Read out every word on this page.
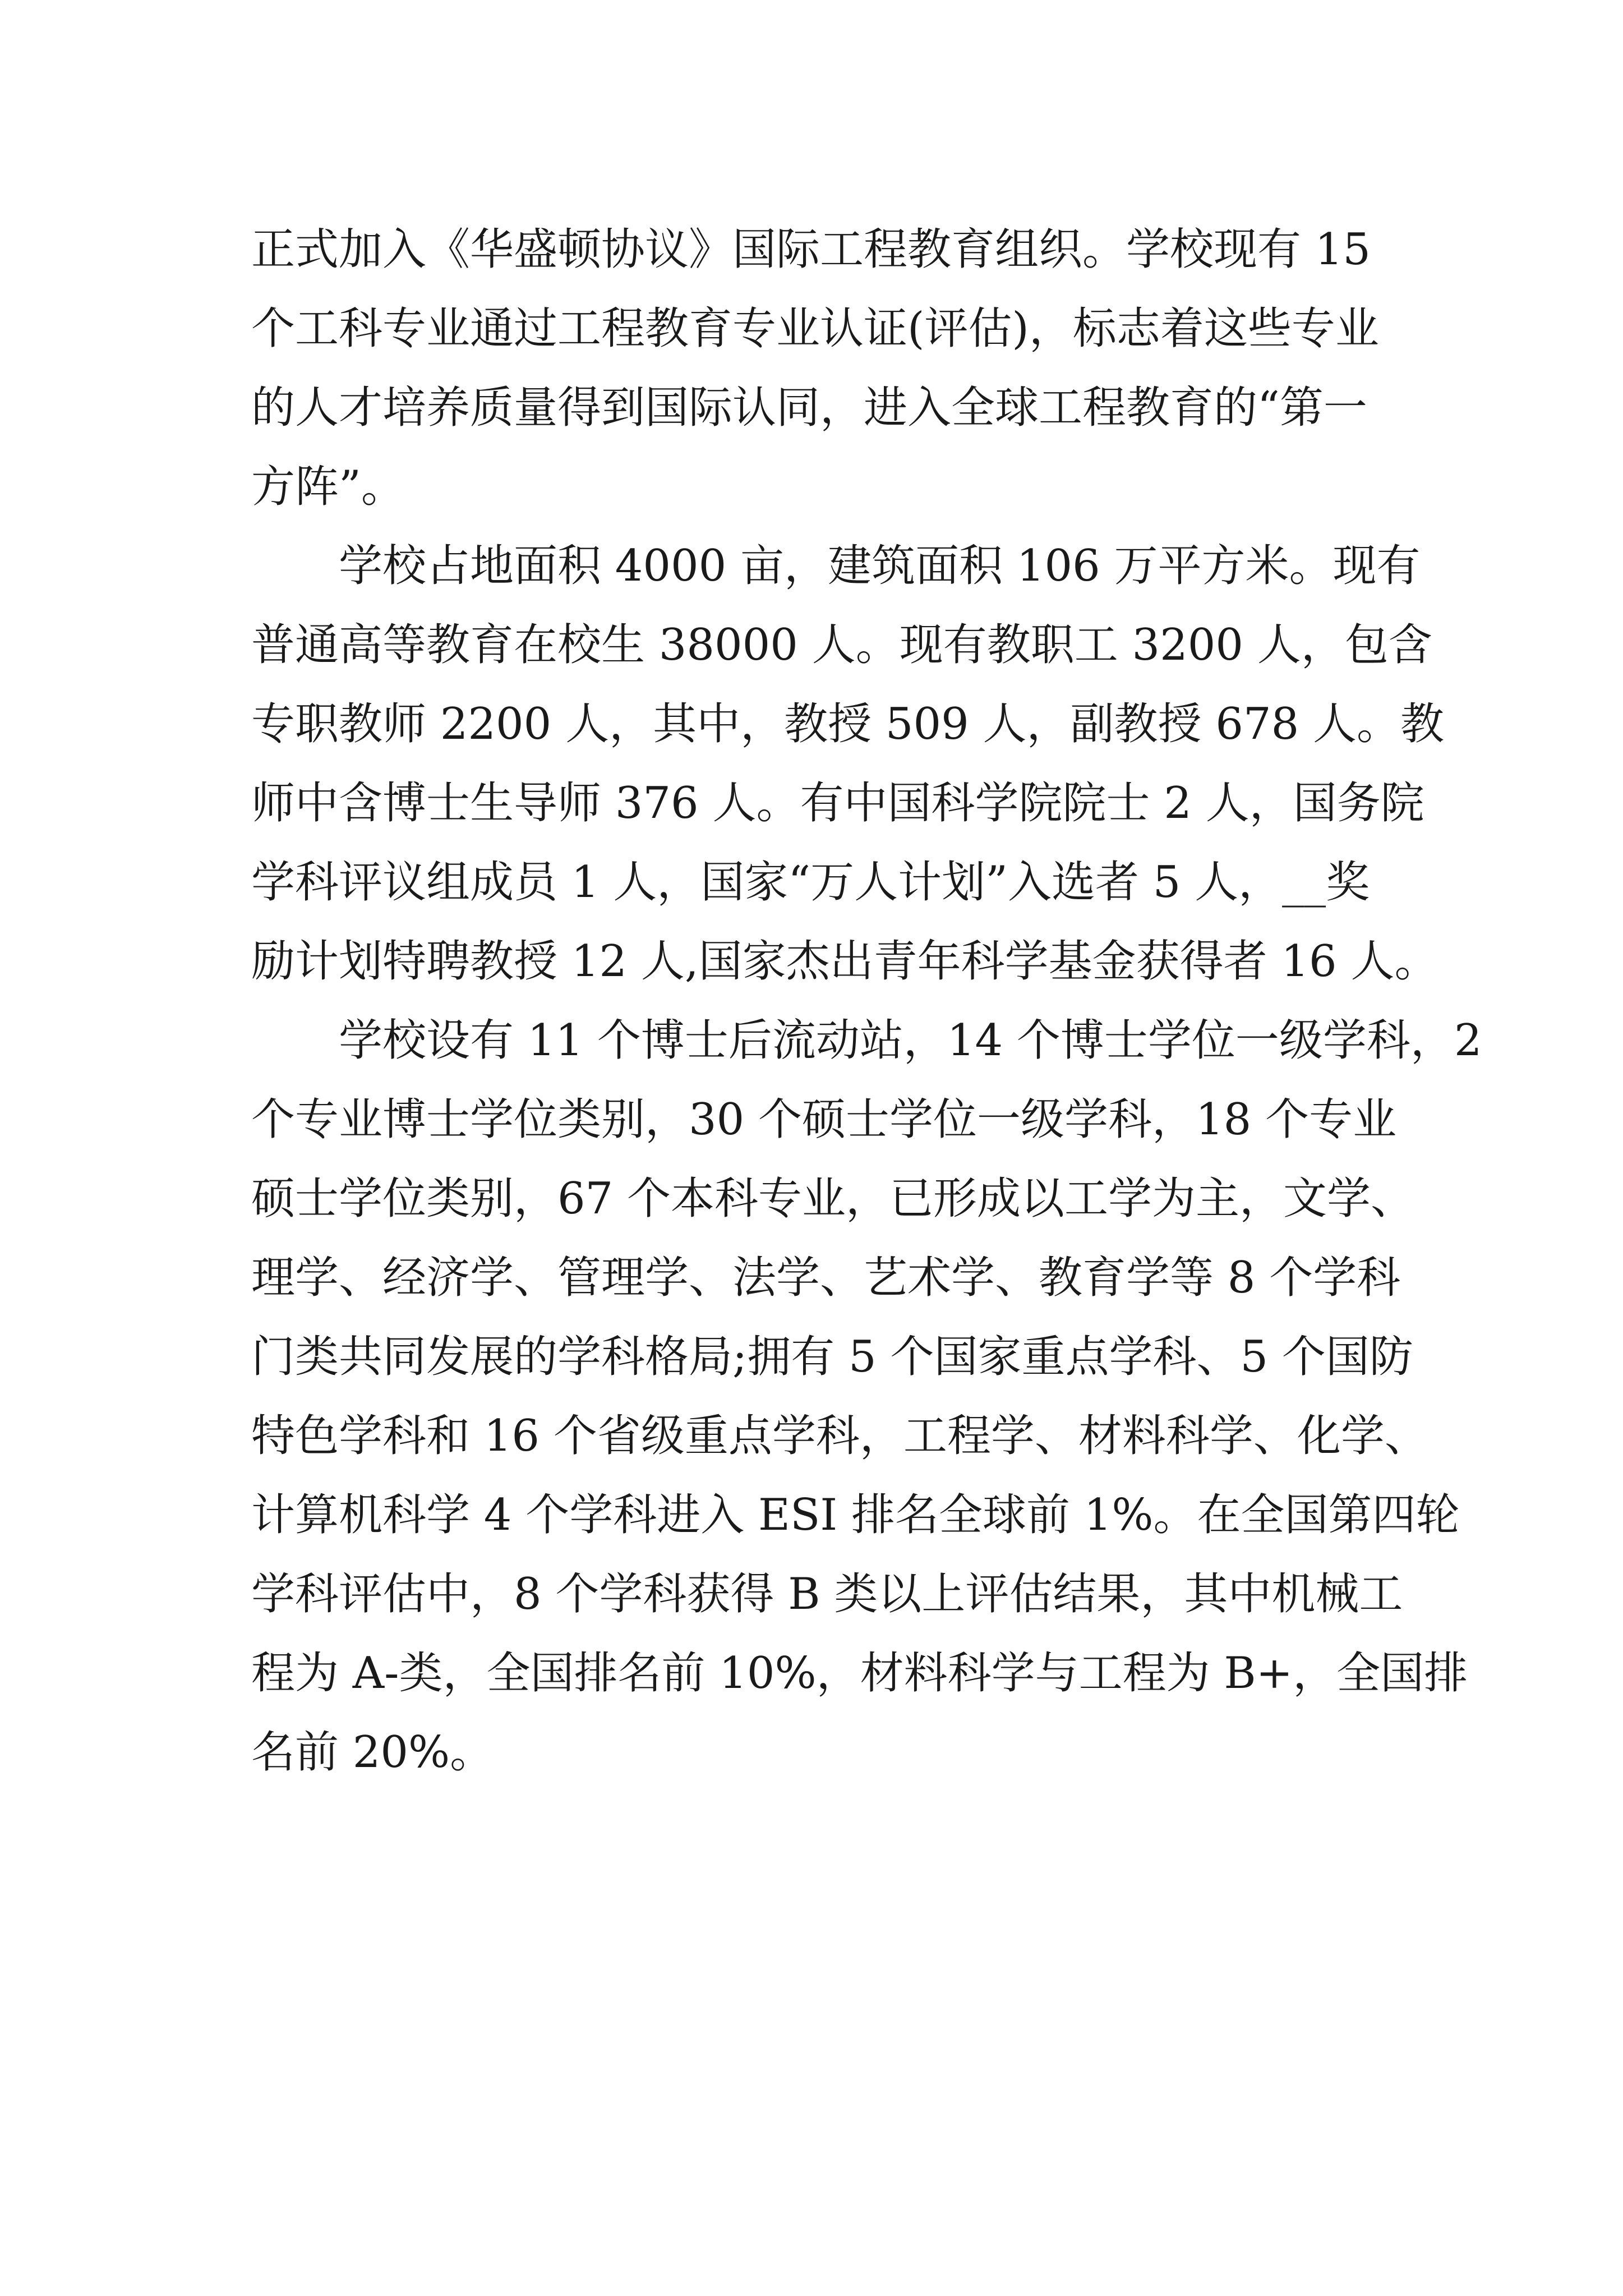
正式加入《华盛顿协议》国际工程教育组织。学校现有 15
个工科专业通过工程教育专业认证(评估)，标志着这些专业
的人才培养质量得到国际认同，进入全球工程教育的“第一
方阵”。
　　学校占地面积 4000 亩，建筑面积 106 万平方米。现有
普通高等教育在校生 38000 人。现有教职工 3200 人，包含
专职教师 2200 人，其中，教授 509 人，副教授 678 人。教
师中含博士生导师 376 人。有中国科学院院士 2 人，国务院
学科评议组成员 1 人，国家“万人计划”入选者 5 人，__奖
励计划特聘教授 12 人,国家杰出青年科学基金获得者 16 人。
　　学校设有 11 个博士后流动站，14 个博士学位一级学科，2
个专业博士学位类别，30 个硕士学位一级学科，18 个专业
硕士学位类别，67 个本科专业，已形成以工学为主，文学、
理学、经济学、管理学、法学、艺术学、教育学等 8 个学科
门类共同发展的学科格局;拥有 5 个国家重点学科、5 个国防
特色学科和 16 个省级重点学科，工程学、材料科学、化学、
计算机科学 4 个学科进入 ESI 排名全球前 1%。在全国第四轮
学科评估中，8 个学科获得 B 类以上评估结果，其中机械工
程为 A-类，全国排名前 10%，材料科学与工程为 B+，全国排
名前 20%。
